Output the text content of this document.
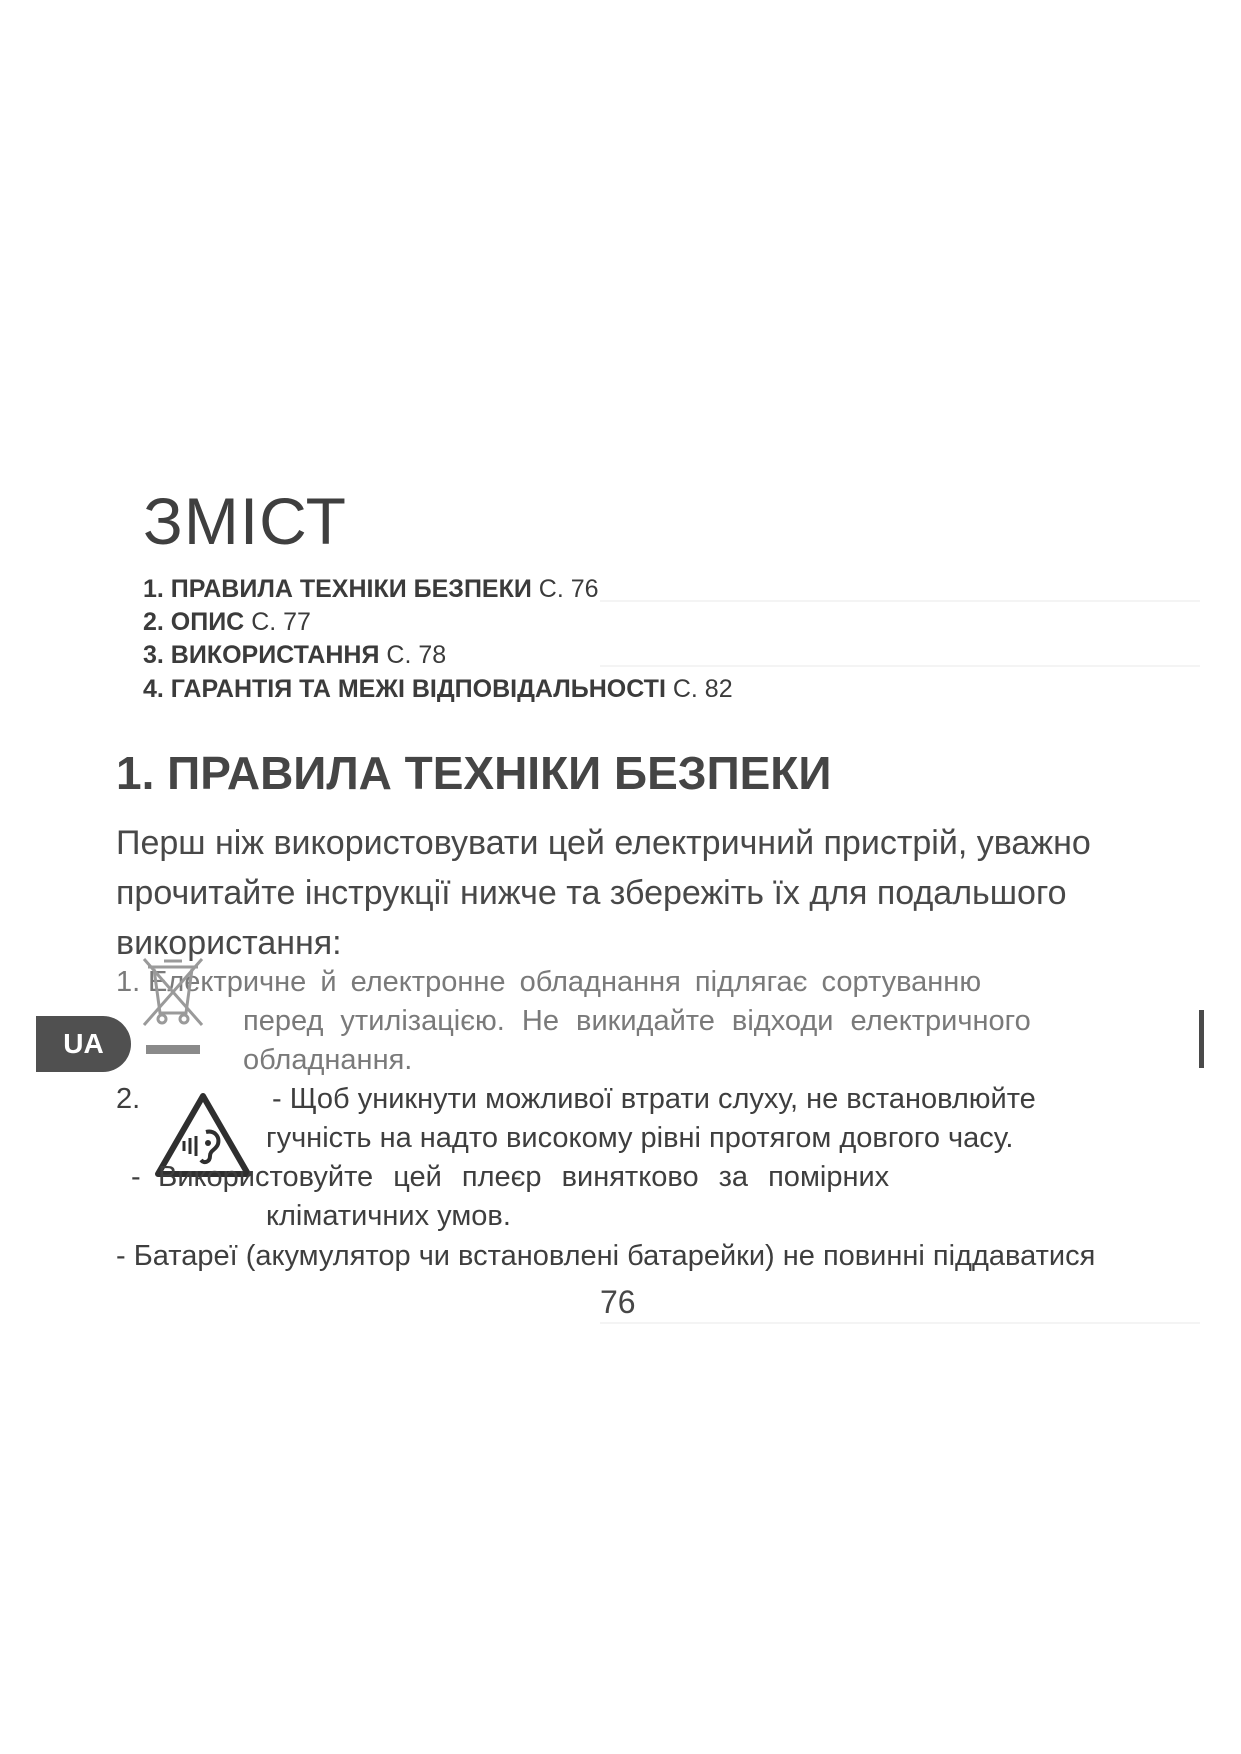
ЗМІСТ
1. ПРАВИЛА ТЕХНІКИ БЕЗПЕКИ С. 76
2. ОПИС С. 77
3. ВИКОРИСТАННЯ С. 78
4. ГАРАНТІЯ ТА МЕЖІ ВІДПОВІДАЛЬНОСТІ С. 82
1. ПРАВИЛА ТЕХНІКИ БЕЗПЕКИ
Перш ніж використовувати цей електричний пристрій, уважно
прочитайте інструкції нижче та збережіть їх для подальшого
використання:
1. Електричне й електронне обладнання підлягає сортуванню
перед утилізацією. Не викидайте відходи електричного
обладнання.
UA
2.	- Щоб уникнути можливої втрати слуху, не встановлюйте
гучність на надто високому рівні протягом довгого часу.
- Використовуйте цей плеєр винятково за помірних
кліматичних умов.
- Батареї (акумулятор чи встановлені батарейки) не повинні піддаватися
76
